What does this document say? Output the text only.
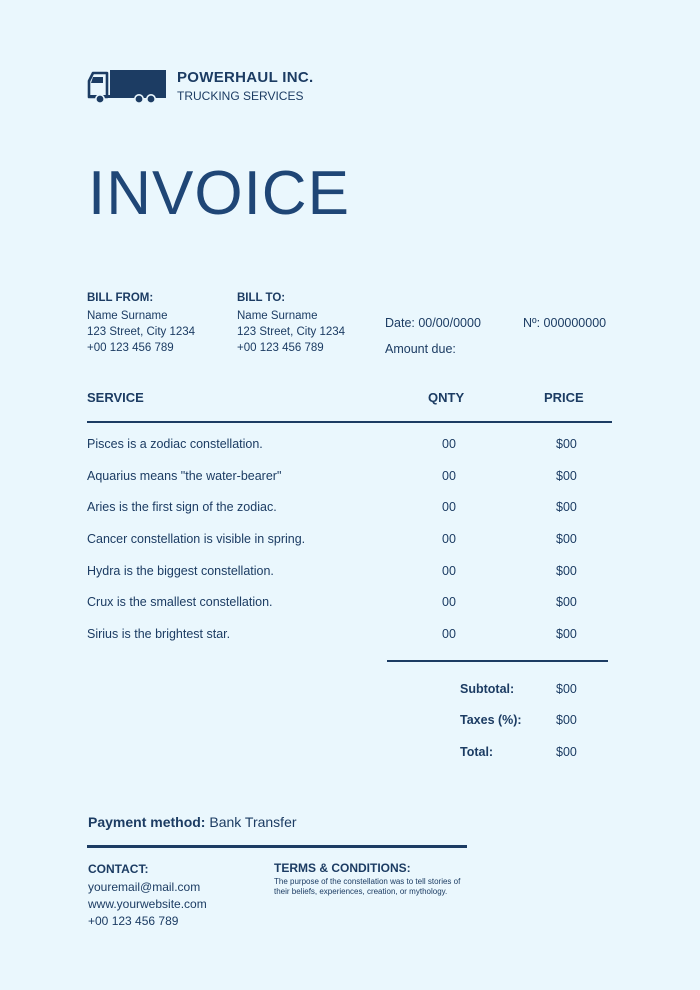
POWERHAUL INC.
TRUCKING SERVICES
INVOICE
BILL FROM:
Name Surname
123 Street, City 1234
+00 123 456 789
BILL TO:
Name Surname
123 Street, City 1234
+00 123 456 789
Date: 00/00/0000	Nº: 000000000
Amount due:
SERVICE	QNTY	PRICE
Pisces is a zodiac constellation.	00	$00
Aquarius means "the water-bearer"	00	$00
Aries is the first sign of the zodiac.	00	$00
Cancer constellation is visible in spring.	00	$00
Hydra is the biggest constellation.	00	$00
Crux is the smallest constellation.	00	$00
Sirius is the brightest star.	00	$00
Subtotal:	$00
Taxes (%):	$00
Total:	$00
Payment method: Bank Transfer
CONTACT:
youremail@mail.com
www.yourwebsite.com
+00 123 456 789
TERMS & CONDITIONS:
The purpose of the constellation was to tell stories of their beliefs, experiences, creation, or mythology.
